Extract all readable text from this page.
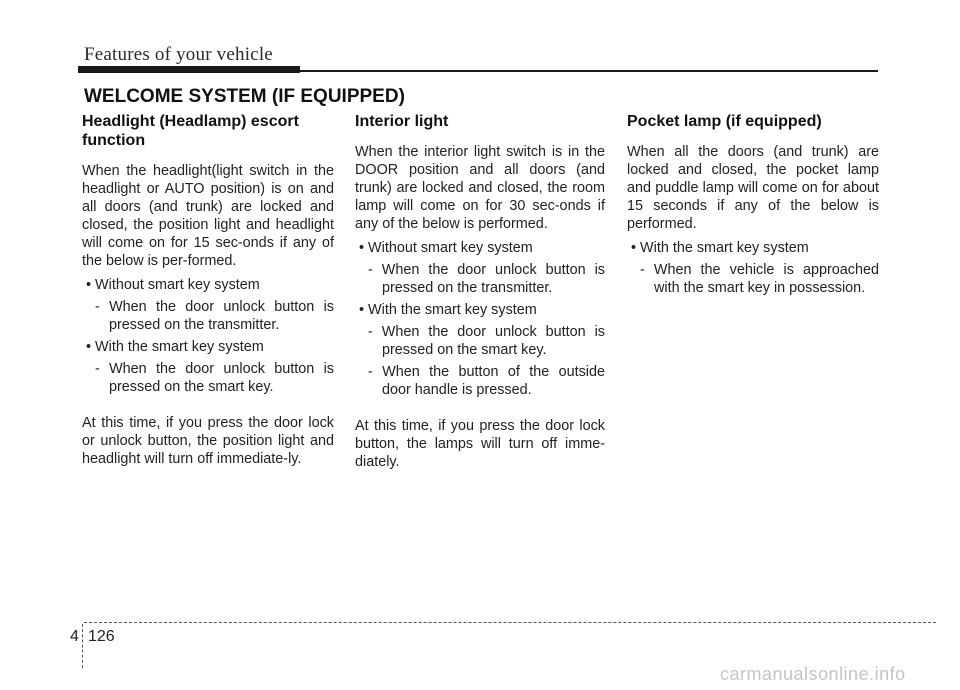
Features of your vehicle
WELCOME SYSTEM (IF EQUIPPED)
Headlight (Headlamp) escort function

When the headlight(light switch in the headlight or AUTO position) is on and all doors (and trunk) are locked and closed, the position light and headlight will come on for 15 sec-onds if any of the below is per-formed.

• Without smart key system
- When the door unlock button is pressed on the transmitter.
• With the smart key system
- When the door unlock button is pressed on the smart key.

At this time, if you press the door lock or unlock button, the position light and headlight will turn off immediate-ly.

Interior light

When the interior light switch is in the DOOR position and all doors (and trunk) are locked and closed, the room lamp will come on for 30 sec-onds if any of the below is performed.

• Without smart key system
- When the door unlock button is pressed on the transmitter.
• With the smart key system
- When the door unlock button is pressed on the smart key.
- When the button of the outside door handle is pressed.

At this time, if you press the door lock button, the lamps will turn off imme-diately.

Pocket lamp (if equipped)

When all the doors (and trunk) are locked and closed, the pocket lamp and puddle lamp will come on for about 15 seconds if any of the below is performed.

• With the smart key system
- When the vehicle is approached with the smart key in possession.
4 126
carmanualsonline.info
